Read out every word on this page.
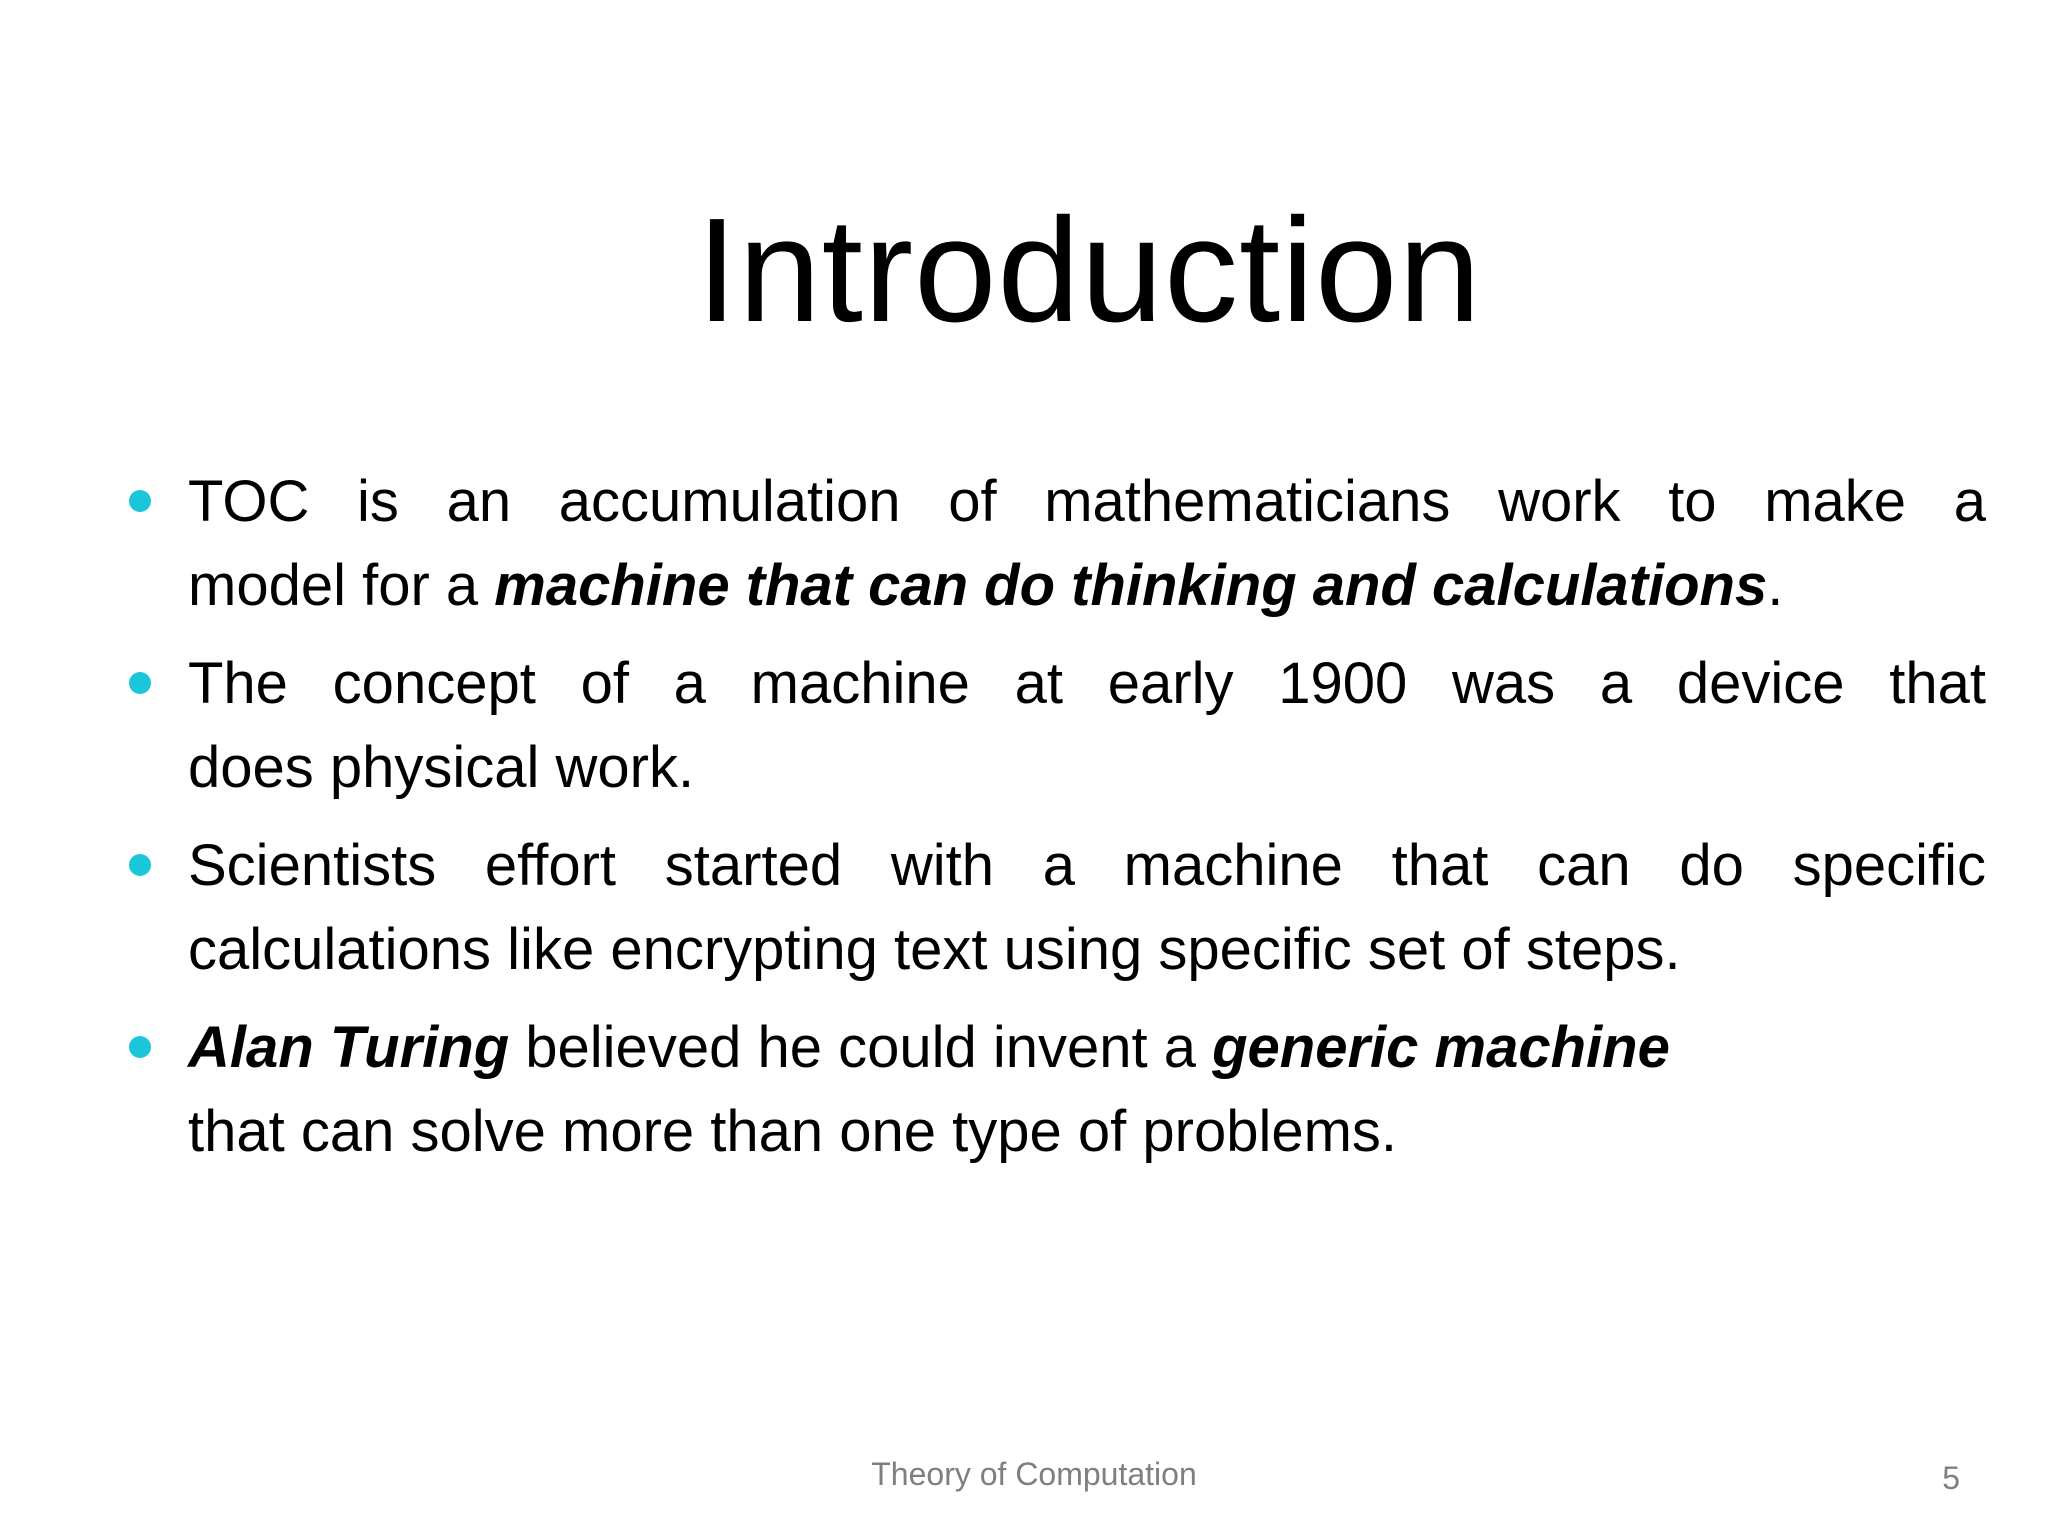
Introduction
TOC is an accumulation of mathematicians work to make a
model for a machine that can do thinking and calculations.
The concept of a machine at early 1900 was a device that
does physical work.
Scientists effort started with a machine that can do specific
calculations like encrypting text using specific set of steps.
Alan Turing believed he could invent a generic machine
that can solve more than one type of problems.
Theory of Computation	5
